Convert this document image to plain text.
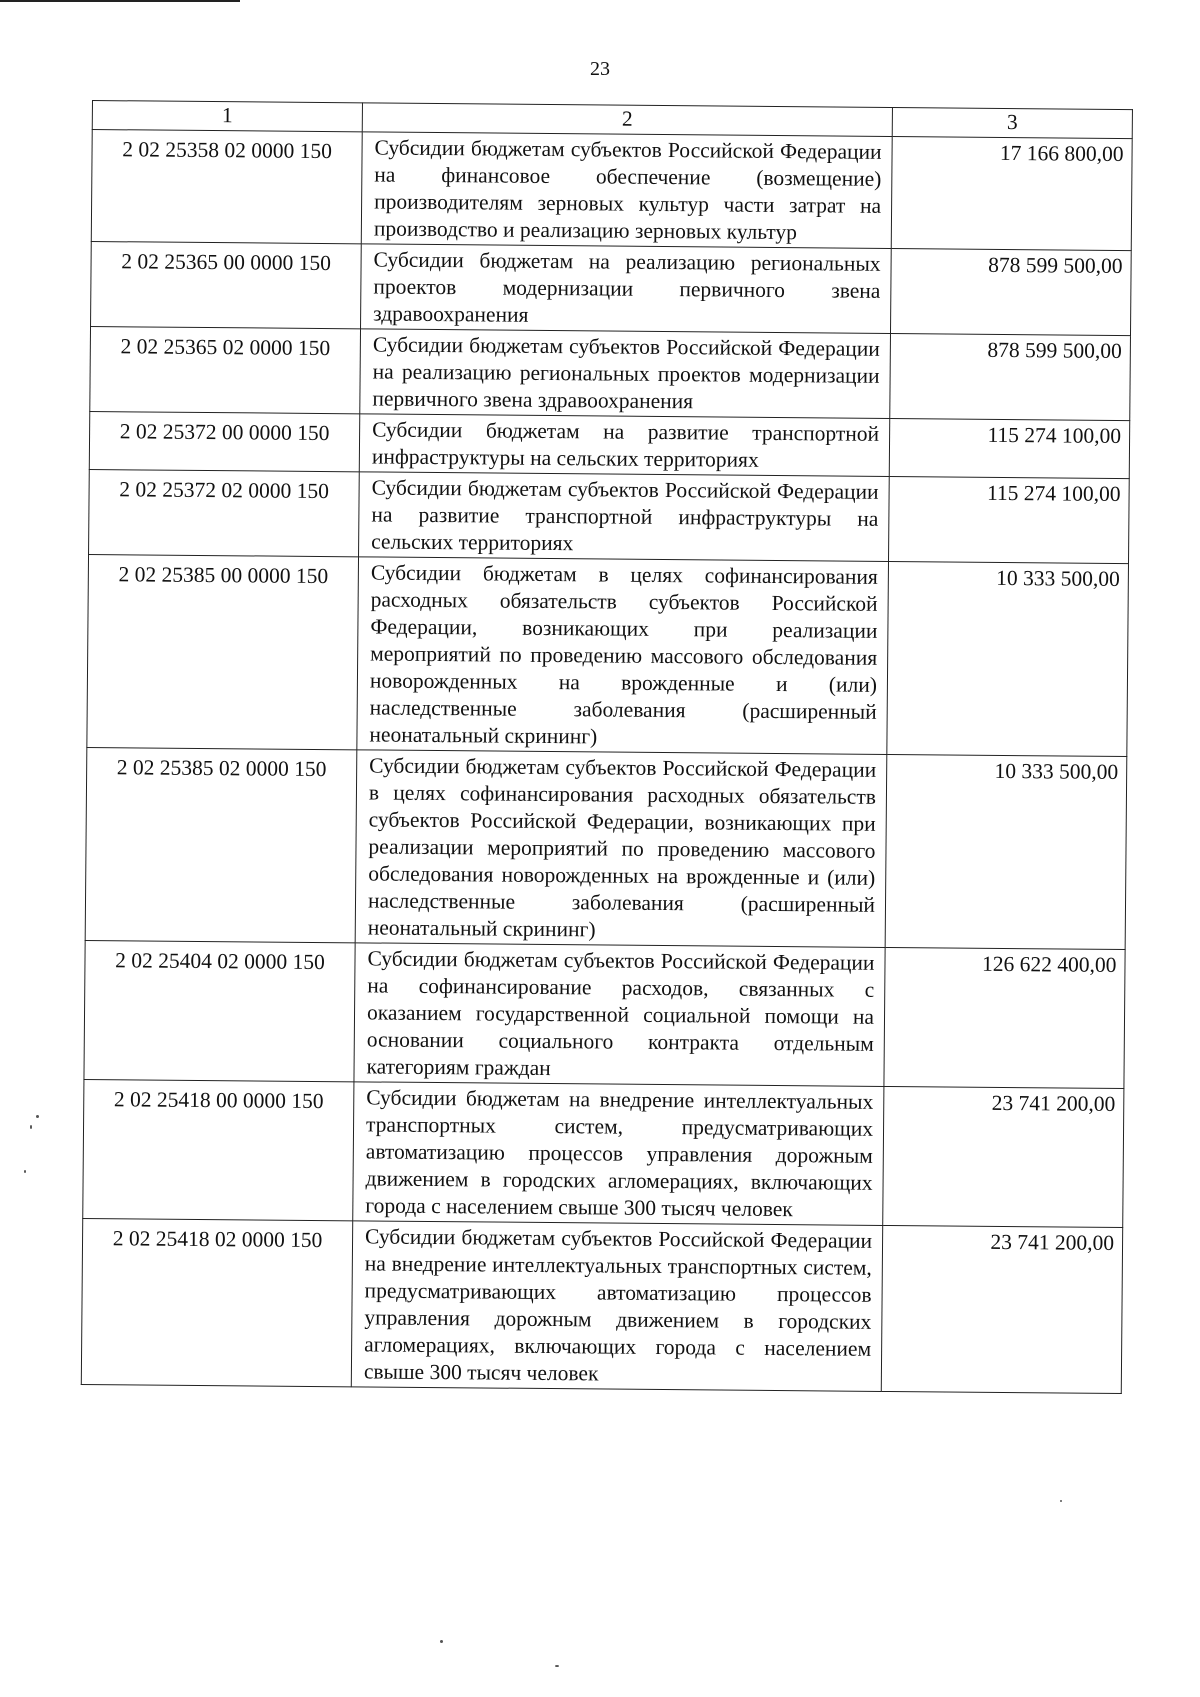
23
1	2	3
2 02 25358 02 0000 150	Субсидии бюджетам субъектов Российской Федерации на финансовое обеспечение (возмещение) производителям зерновых культур части затрат на производство и реализацию зерновых культур	17 166 800,00
2 02 25365 00 0000 150	Субсидии бюджетам на реализацию региональных проектов модернизации первичного звена здравоохранения	878 599 500,00
2 02 25365 02 0000 150	Субсидии бюджетам субъектов Российской Федерации на реализацию региональных проектов модернизации первичного звена здравоохранения	878 599 500,00
2 02 25372 00 0000 150	Субсидии бюджетам на развитие транспортной инфраструктуры на сельских территориях	115 274 100,00
2 02 25372 02 0000 150	Субсидии бюджетам субъектов Российской Федерации на развитие транспортной инфраструктуры на сельских территориях	115 274 100,00
2 02 25385 00 0000 150	Субсидии бюджетам в целях софинансирования расходных обязательств субъектов Российской Федерации, возникающих при реализации мероприятий по проведению массового обследования новорожденных на врожденные и (или) наследственные заболевания (расширенный неонатальный скрининг)	10 333 500,00
2 02 25385 02 0000 150	Субсидии бюджетам субъектов Российской Федерации в целях софинансирования расходных обязательств субъектов Российской Федерации, возникающих при реализации мероприятий по проведению массового обследования новорожденных на врожденные и (или) наследственные заболевания (расширенный неонатальный скрининг)	10 333 500,00
2 02 25404 02 0000 150	Субсидии бюджетам субъектов Российской Федерации на софинансирование расходов, связанных с оказанием государственной социальной помощи на основании социального контракта отдельным категориям граждан	126 622 400,00
2 02 25418 00 0000 150	Субсидии бюджетам на внедрение интеллектуальных транспортных систем, предусматривающих автоматизацию процессов управления дорожным движением в городских агломерациях, включающих города с населением свыше 300 тысяч человек	23 741 200,00
2 02 25418 02 0000 150	Субсидии бюджетам субъектов Российской Федерации на внедрение интеллектуальных транспортных систем, предусматривающих автоматизацию процессов управления дорожным движением в городских агломерациях, включающих города с населением свыше 300 тысяч человек	23 741 200,00
